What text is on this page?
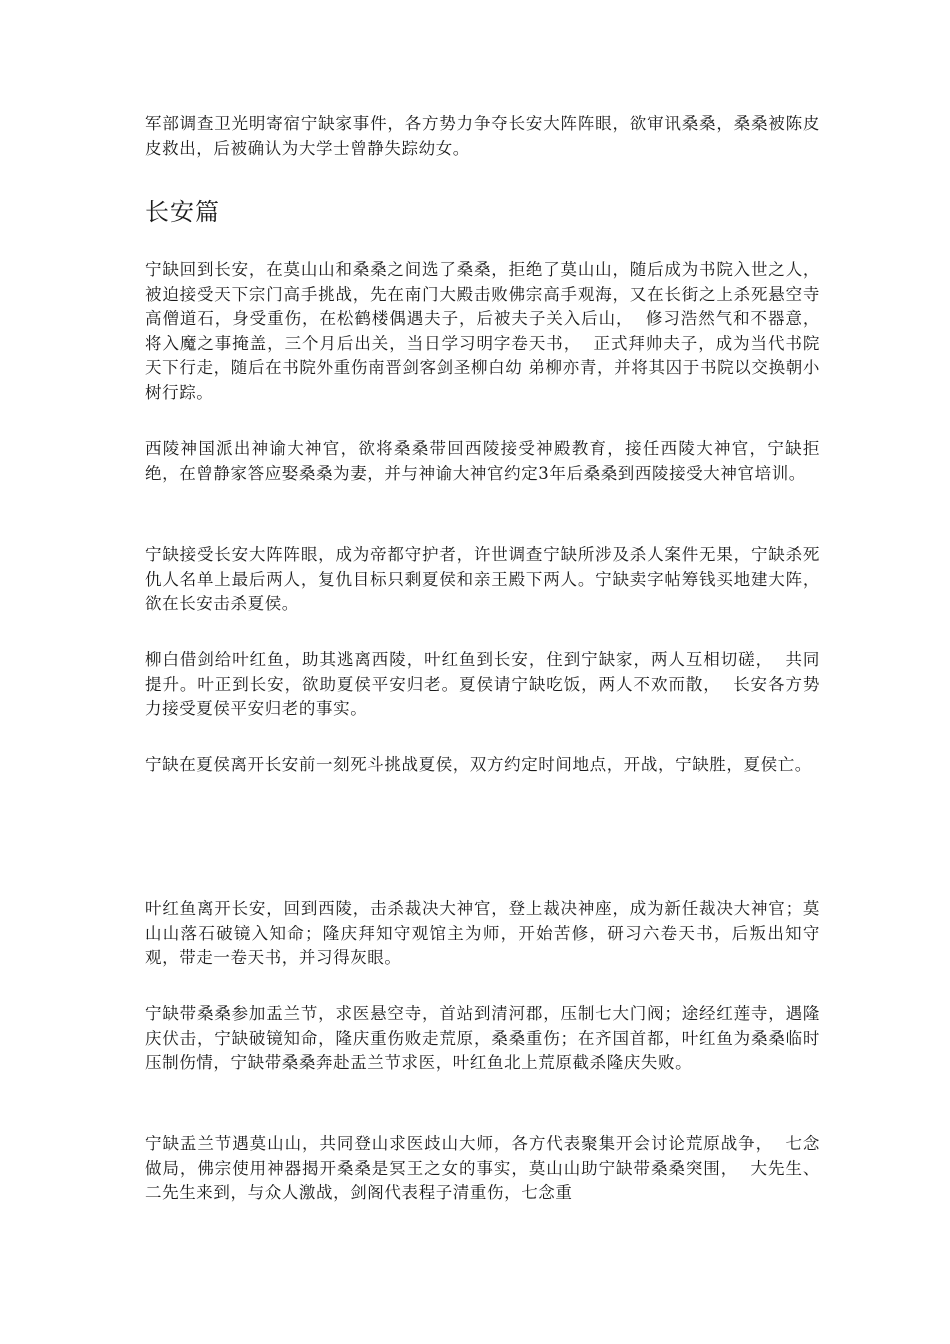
军部调查卫光明寄宿宁缺家事件，各方势力争夺长安大阵阵眼，欲审讯桑桑，桑桑被陈皮皮救出，后被确认为大学士曾静失踪幼女。

长安篇

宁缺回到长安，在莫山山和桑桑之间选了桑桑，拒绝了莫山山，随后成为书院入世之人，被迫接受天下宗门高手挑战，先在南门大殿击败佛宗高手观海，又在长街之上杀死悬空寺高僧道石，身受重伤，在松鹤楼偶遇夫子，后被夫子关入后山，  修习浩然气和不器意，将入魔之事掩盖，三个月后出关，当日学习明字卷天书，  正式拜帅夫子，成为当代书院天下行走，随后在书院外重伤南晋剑客剑圣柳白幼 弟柳亦青，并将其囚于书院以交换朝小树行踪。

西陵神国派出神谕大神官，欲将桑桑带回西陵接受神殿教育，接任西陵大神官，宁缺拒绝，在曾静家答应娶桑桑为妻，并与神谕大神官约定3年后桑桑到西陵接受大神官培训。

宁缺接受长安大阵阵眼，成为帝都守护者，许世调查宁缺所涉及杀人案件无果，宁缺杀死仇人名单上最后两人，复仇目标只剩夏侯和亲王殿下两人。宁缺卖字帖筹钱买地建大阵，欲在长安击杀夏侯。

柳白借剑给叶红鱼，助其逃离西陵，叶红鱼到长安，住到宁缺家，两人互相切磋，  共同提升。叶正到长安，欲助夏侯平安归老。夏侯请宁缺吃饭，两人不欢而散，  长安各方势力接受夏侯平安归老的事实。

宁缺在夏侯离开长安前一刻死斗挑战夏侯，双方约定时间地点，开战，宁缺胜，夏侯亡。

叶红鱼离开长安，回到西陵，击杀裁决大神官，登上裁决神座，成为新任裁决大神官；莫山山落石破镜入知命；隆庆拜知守观馆主为师，开始苦修，研习六卷天书，后叛出知守观，带走一卷天书，并习得灰眼。

宁缺带桑桑参加盂兰节，求医悬空寺，首站到清河郡，压制七大门阀；途经红莲寺，遇隆庆伏击，宁缺破镜知命，隆庆重伤败走荒原，桑桑重伤；在齐国首都，叶红鱼为桑桑临时压制伤情，宁缺带桑桑奔赴盂兰节求医，叶红鱼北上荒原截杀隆庆失败。

宁缺盂兰节遇莫山山，共同登山求医歧山大师，各方代表聚集开会讨论荒原战争，  七念做局，佛宗使用神器揭开桑桑是冥王之女的事实，莫山山助宁缺带桑桑突围，  大先生、二先生来到，与众人激战，剑阁代表程子清重伤，七念重
